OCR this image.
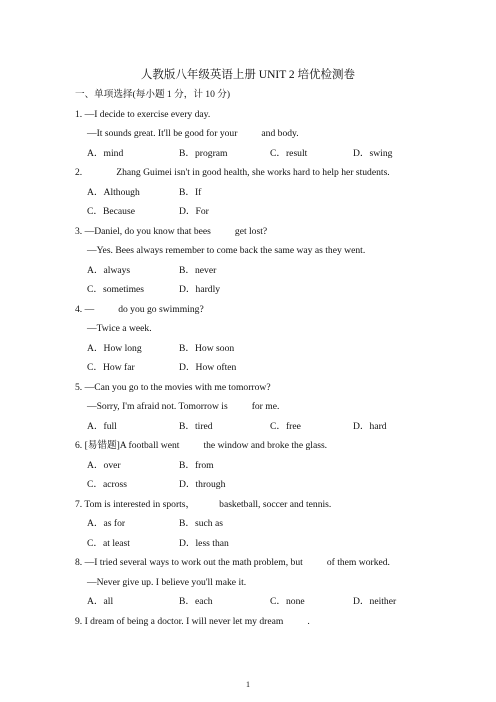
人教版八年级英语上册 UNIT 2 培优检测卷
一、单项选择(每小题 1 分，计 10 分)
1. —I decide to exercise every day.
—It sounds great. It'll be good for your	and body.
A．mind	B．program	C．result	D．swing
2.	Zhang Guimei isn't in good health, she works hard to help her students.
A．Although	B．If
C．Because	D．For
3. —Daniel, do you know that bees	get lost?
—Yes. Bees always remember to come back the same way as they went.
A．always	B．never
C．sometimes	D．hardly
4. —	do you go swimming?
—Twice a week.
A．How long	B．How soon
C．How far	D．How often
5. —Can you go to the movies with me tomorrow?
—Sorry, I'm afraid not. Tomorrow is	for me.
A．full	B．tired	C．free	D．hard
6. [易错题]A football went	the window and broke the glass.
A．over	B．from
C．across	D．through
7. Tom is interested in sports，	basketball, soccer and tennis.
A．as for	B．such as
C．at least	D．less than
8. —I tried several ways to work out the math problem, but	of them worked.
—Never give up. I believe you'll make it.
A．all	B．each	C．none	D．neither
9. I dream of being a doctor. I will never let my dream	.
1
